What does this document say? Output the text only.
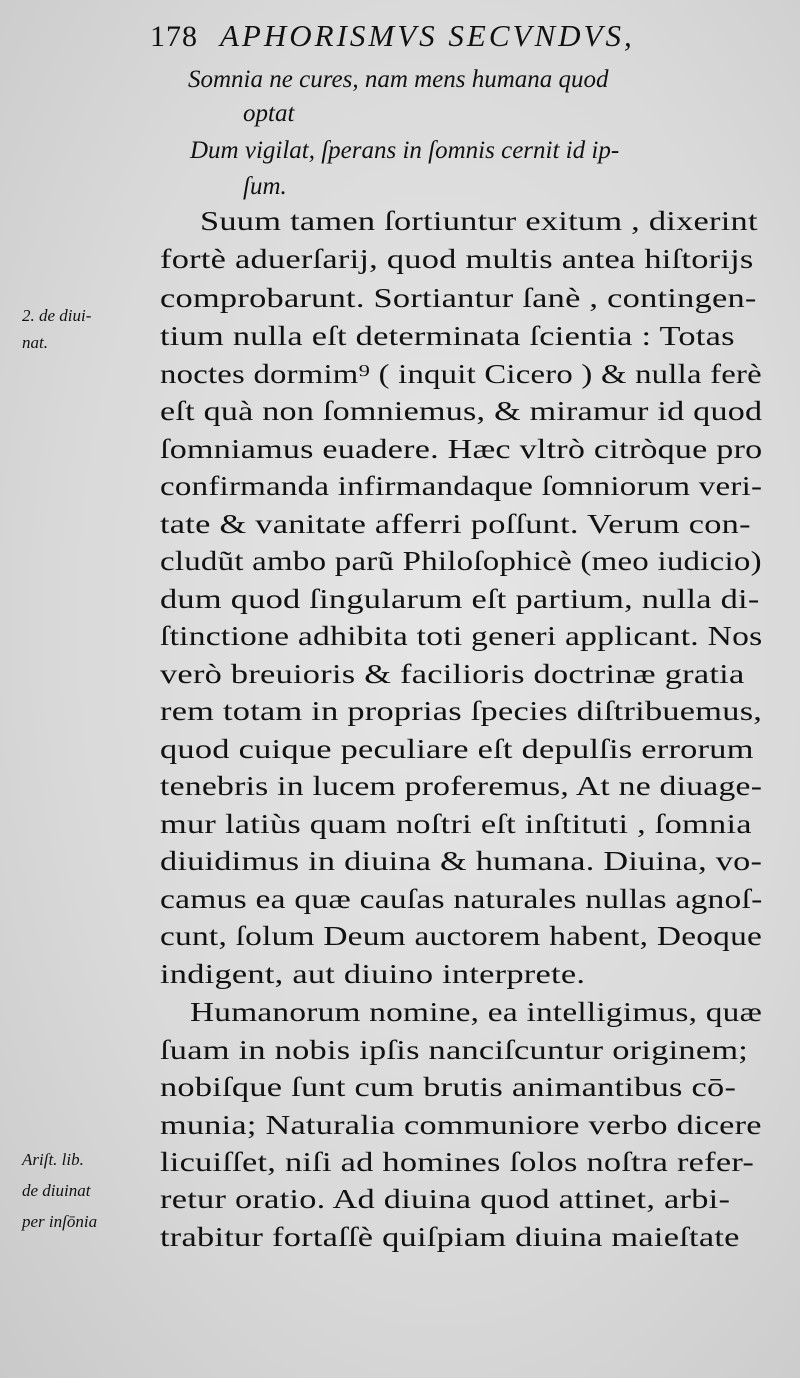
178 APHORISMVS SECVNDVS,
Somnia ne cures, nam mens humana quod
optat
Dum vigilat, ſperans in ſomnis cernit id ip-
ſum.
Suum tamen ſortiuntur exitum , dixerint
fortè aduerſarij, quod multis antea hiſtorijs
comprobarunt. Sortiantur ſanè , contingen-
tium nulla eſt determinata ſcientia : Totas
noctes dormim⁹ ( inquit Cicero ) & nulla ferè
eſt quà non ſomniemus, & miramur id quod
ſomniamus euadere. Hæc vltrò citròque pro
confirmanda infirmandaque ſomniorum veri-
tate & vanitate afferri poſſunt. Verum con-
cludũt ambo parũ Philoſophicè (meo iudicio)
dum quod ſingularum eſt partium, nulla di-
ſtinctione adhibita toti generi applicant. Nos
verò breuioris & facilioris doctrinæ gratia
rem totam in proprias ſpecies diſtribuemus,
quod cuique peculiare eſt depulſis errorum
tenebris in lucem proferemus, At ne diuage-
mur latiùs quam noſtri eſt inſtituti , ſomnia
diuidimus in diuina & humana. Diuina, vo-
camus ea quæ cauſas naturales nullas agnoſ-
cunt, ſolum Deum auctorem habent, Deoque
indigent, aut diuino interprete.
Humanorum nomine, ea intelligimus, quæ
ſuam in nobis ipſis nanciſcuntur originem;
nobiſque ſunt cum brutis animantibus cō-
munia; Naturalia communiore verbo dicere
licuiſſet, niſi ad homines ſolos noſtra refer-
retur oratio. Ad diuina quod attinet, arbi-
trabitur fortaſſè quiſpiam diuina maieſtate
2. de diui-
nat.
Ariſt. lib.
de diuinat
per inſōnia
